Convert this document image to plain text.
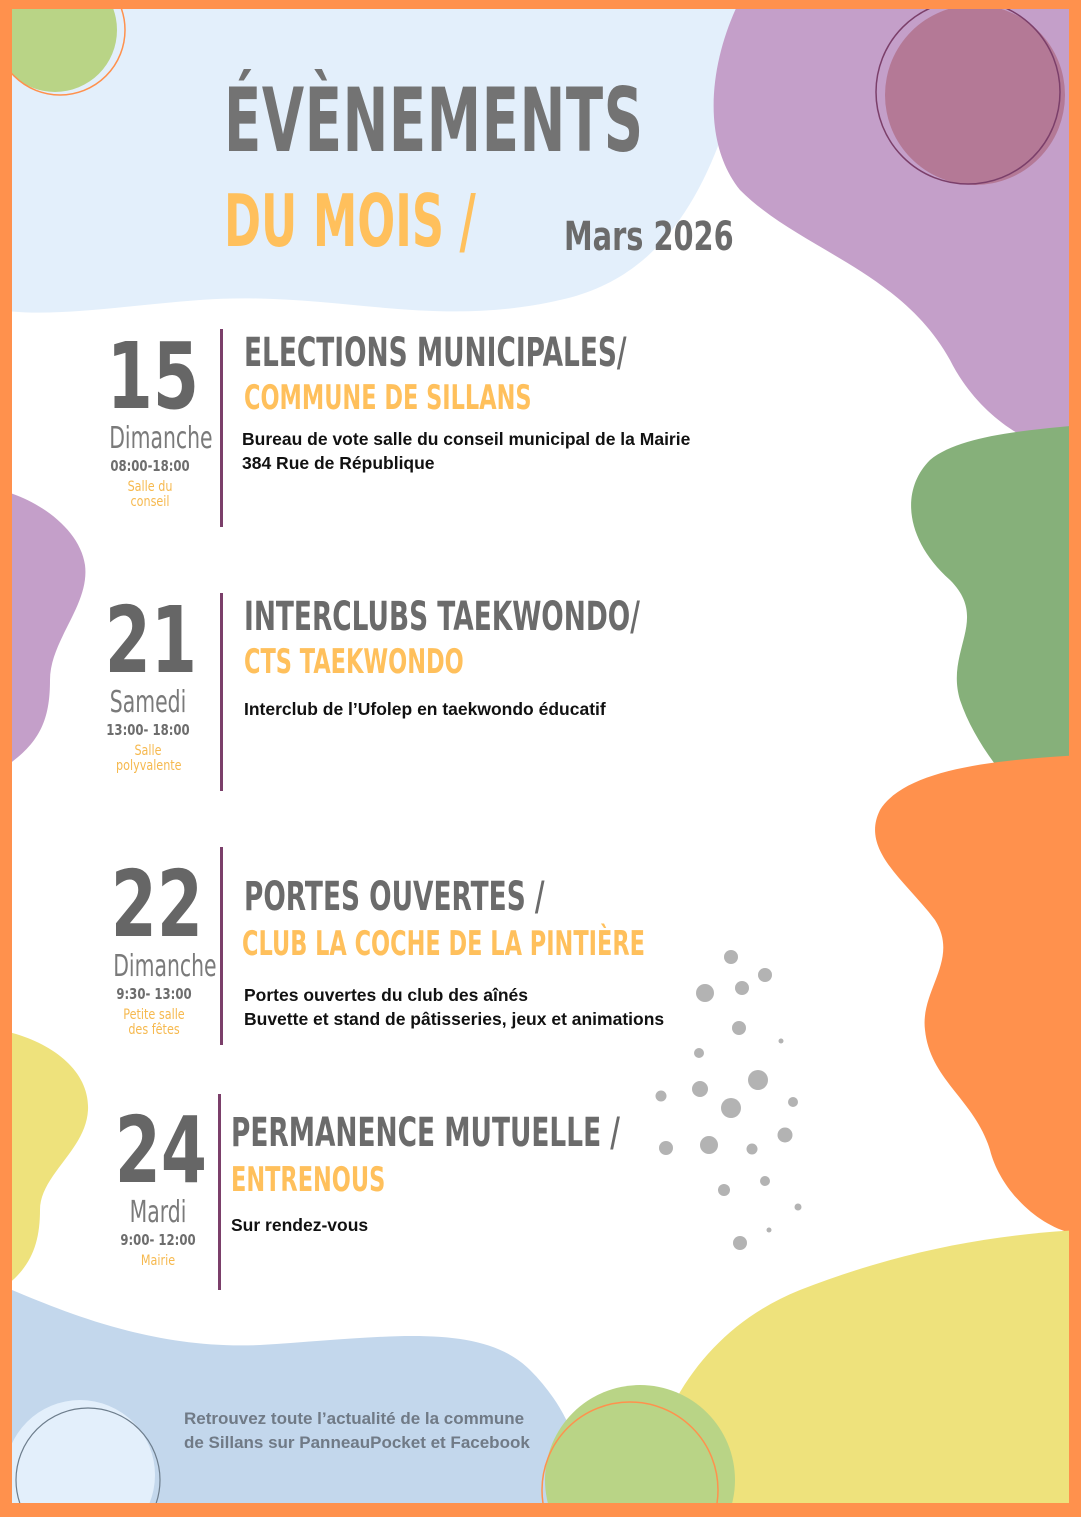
ÉVÈNEMENTS
DU MOIS / Mars 2026
15
Dimanche
08:00-18:00
Salle du conseil
ELECTIONS MUNICIPALES/
COMMUNE DE SILLANS
Bureau de vote salle du conseil municipal de la Mairie
384 Rue de République
21
Samedi
13:00- 18:00
Salle polyvalente
INTERCLUBS TAEKWONDO/
CTS TAEKWONDO
Interclub de l’Ufolep en taekwondo éducatif
22
Dimanche
9:30- 13:00
Petite salle des fêtes
PORTES OUVERTES /
CLUB LA COCHE DE LA PINTIÈRE
Portes ouvertes du club des aînés
Buvette et stand de pâtisseries, jeux et animations
24
Mardi
9:00- 12:00
Mairie
PERMANENCE MUTUELLE /
ENTRENOUS
Sur rendez-vous
Retrouvez toute l’actualité de la commune
de Sillans sur PanneauPocket et Facebook
